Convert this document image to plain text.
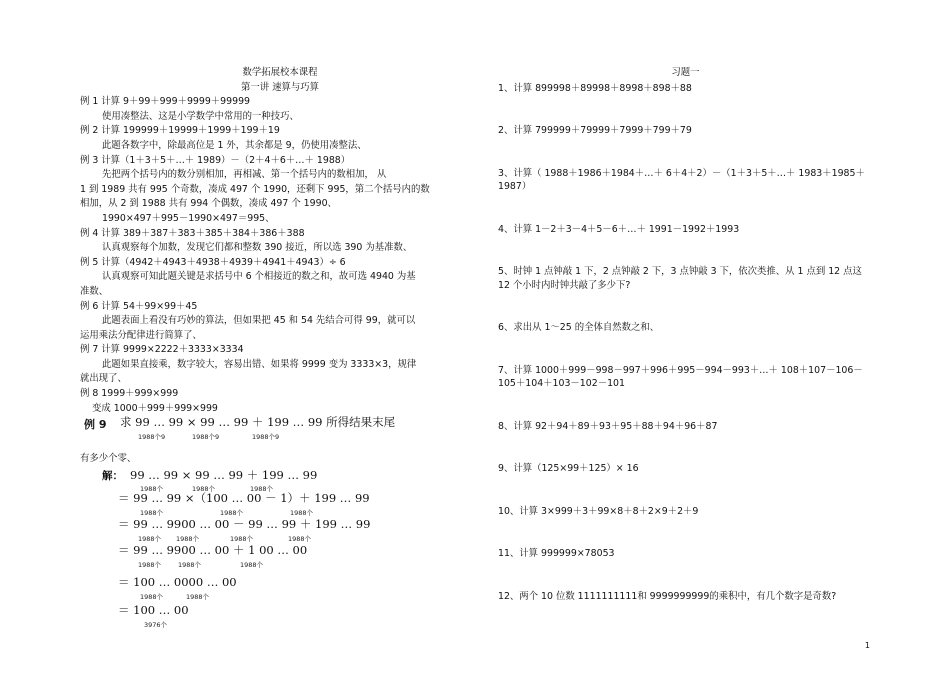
数学拓展校本课程
第一讲 速算与巧算
例 1 计算 9＋99＋999＋9999＋99999
使用凑整法、这是小学数学中常用的一种技巧、
例 2 计算 199999＋19999＋1999＋199＋19
此题各数字中，除最高位是 1 外，其余都是 9，仍使用凑整法、
例 3 计算（1＋3＋5＋…＋ 1989）－（2＋4＋6＋…＋ 1988）
先把两个括号内的数分别相加，再相减、第一个括号内的数相加， 从
1 到 1989 共有 995 个奇数，凑成 497 个 1990，还剩下 995，第二个括号内的数
相加，从 2 到 1988 共有 994 个偶数，凑成 497 个 1990、
1990×497＋995－1990×497＝995、
例 4 计算 389＋387＋383＋385＋384＋386＋388
认真观察每个加数，发现它们都和整数 390 接近，所以选 390 为基准数、
例 5 计算（4942＋4943＋4938＋4939＋4941＋4943）÷ 6
认真观察可知此题关键是求括号中 6 个相接近的数之和，故可选 4940 为基
准数、
例 6 计算 54＋99×99＋45
此题表面上看没有巧妙的算法，但如果把 45 和 54 先结合可得 99，就可以
运用乘法分配律进行简算了、
例 7 计算 9999×2222＋3333×3334
此题如果直接乘，数字较大，容易出错、如果将 9999 变为 3333×3，规律
就出现了、
例 8 1999＋999×999
变成 1000＋999＋999×999
例 9 求 99 … 99 × 99 … 99 ＋ 199 … 99 所得结果末尾
1988个9	1988个9	1988个9
有多少个零、
解： 99 … 99 × 99 … 99 ＋ 199 … 99
1988个	1988个	1988个
＝ 99 … 99 ×（100 … 00 － 1）＋ 199 … 99
1988个	1988个	1988个
＝ 99 … 9900 … 00 － 99 … 99 ＋ 199 … 99
1988个 1988个	1988个	1988个
＝ 99 … 9900 … 00 ＋ 1 00 … 00
1988个	1988个	1988个
＝ 100 … 0000 … 00
1988个	1988个
＝ 100 … 00
3976个
习题一
1、计算 899998＋89998＋8998＋898＋88
2、计算 799999＋79999＋7999＋799＋79
3、计算（ 1988＋1986＋1984＋…＋ 6＋4＋2）－（1＋3＋5＋…＋ 1983＋1985＋1987）
4、计算 1－2＋3－4＋5－6＋…＋ 1991－1992＋1993
5、时钟 1 点钟敲 1 下，2 点钟敲 2 下，3 点钟敲 3 下，依次类推、从 1 点到 12 点这 12 个小时内时钟共敲了多少下?
6、求出从 1～25 的全体自然数之和、
7、计算 1000＋999－998－997＋996＋995－994－993＋…＋ 108＋107－106－105＋104＋103－102－101
8、计算 92＋94＋89＋93＋95＋88＋94＋96＋87
9、计算（125×99＋125）× 16
10、计算 3×999＋3＋99×8＋8＋2×9＋2＋9
11、计算 999999×78053
12、两个 10 位数 1111111111和 9999999999的乘积中，有几个数字是奇数?
1
